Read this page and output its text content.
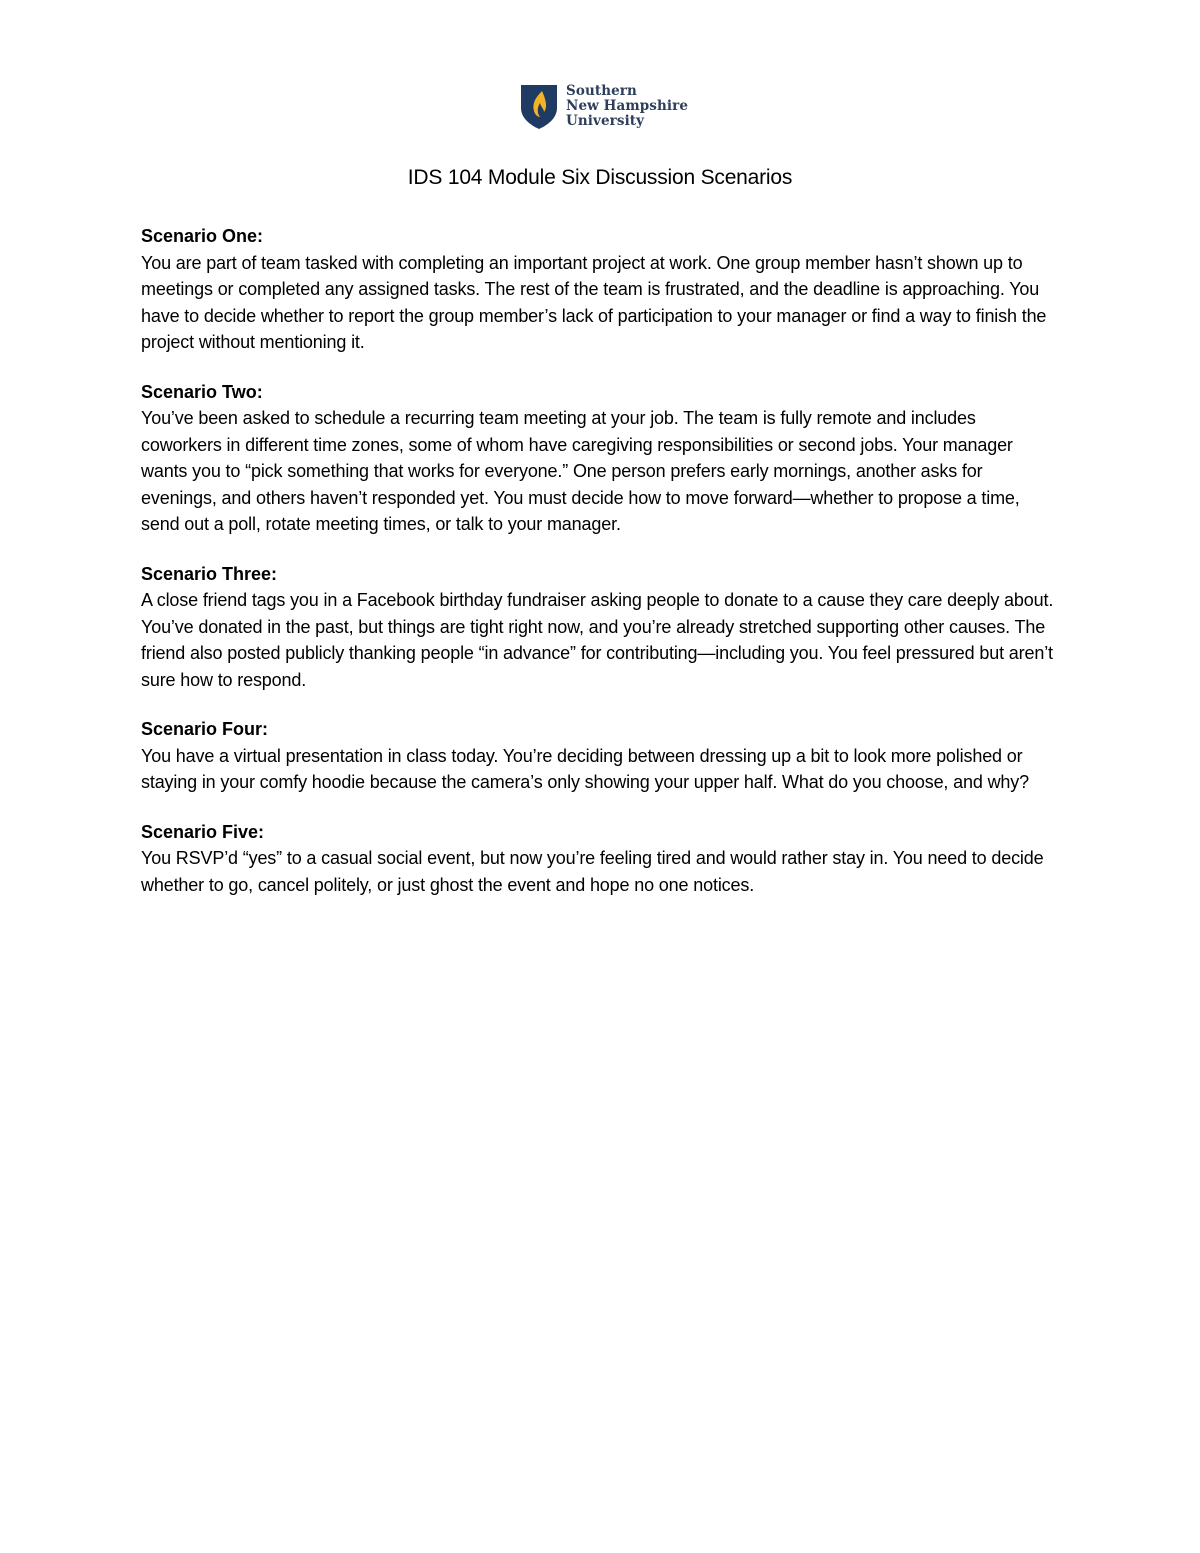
Southern
New Hampshire
University
IDS 104 Module Six Discussion Scenarios

Scenario One:

You are part of team tasked with completing an important project at work. One group member hasn’t shown up to meetings or completed any assigned tasks. The rest of the team is frustrated, and the deadline is approaching. You have to decide whether to report the group member’s lack of participation to your manager or find a way to finish the project without mentioning it.

Scenario Two:

You’ve been asked to schedule a recurring team meeting at your job. The team is fully remote and includes coworkers in different time zones, some of whom have caregiving responsibilities or second jobs. Your manager wants you to “pick something that works for everyone.” One person prefers early mornings, another asks for evenings, and others haven’t responded yet. You must decide how to move forward—whether to propose a time, send out a poll, rotate meeting times, or talk to your manager.

Scenario Three:

A close friend tags you in a Facebook birthday fundraiser asking people to donate to a cause they care deeply about. You’ve donated in the past, but things are tight right now, and you’re already stretched supporting other causes. The friend also posted publicly thanking people “in advance” for contributing—including you. You feel pressured but aren’t sure how to respond.

Scenario Four:

You have a virtual presentation in class today. You’re deciding between dressing up a bit to look more polished or staying in your comfy hoodie because the camera’s only showing your upper half. What do you choose, and why?

Scenario Five:

You RSVP’d “yes” to a casual social event, but now you’re feeling tired and would rather stay in. You need to decide whether to go, cancel politely, or just ghost the event and hope no one notices.
